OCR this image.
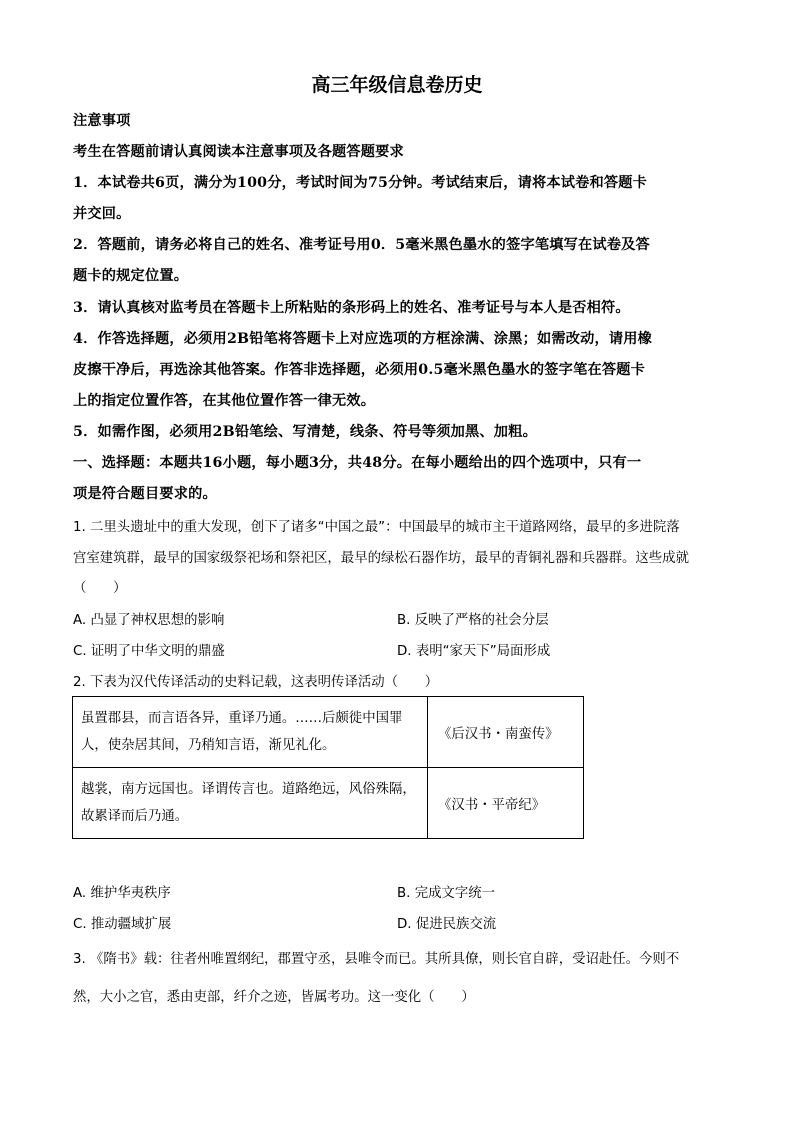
高三年级信息卷历史
注意事项
考生在答题前请认真阅读本注意事项及各题答题要求
1．本试卷共6页，满分为100分，考试时间为75分钟。考试结束后，请将本试卷和答题卡
并交回。
2．答题前，请务必将自己的姓名、准考证号用0．5毫米黑色墨水的签字笔填写在试卷及答
题卡的规定位置。
3．请认真核对监考员在答题卡上所粘贴的条形码上的姓名、准考证号与本人是否相符。
4．作答选择题，必须用2B铅笔将答题卡上对应选项的方框涂满、涂黑；如需改动，请用橡
皮擦干净后，再选涂其他答案。作答非选择题，必须用0.5毫米黑色墨水的签字笔在答题卡
上的指定位置作答，在其他位置作答一律无效。
5．如需作图，必须用2B铅笔绘、写清楚，线条、符号等须加黑、加粗。
一、选择题：本题共16小题，每小题3分，共48分。在每小题给出的四个选项中，只有一
项是符合题目要求的。
1. 二里头遗址中的重大发现，创下了诸多“中国之最”：中国最早的城市主干道路网络，最早的多进院落
宫室建筑群，最早的国家级祭祀场和祭祀区，最早的绿松石器作坊，最早的青铜礼器和兵器群。这些成就
（　　）
A. 凸显了神权思想的影响	B. 反映了严格的社会分层
C. 证明了中华文明的鼎盛	D. 表明“家天下”局面形成
2. 下表为汉代传译活动的史料记载，这表明传译活动（　　）
虽置郡县，而言语各异，重译乃通。……后颇徙中国罪人，使杂居其间，乃稍知言语，渐见礼化。	《后汉书・南蛮传》
越裳，南方远国也。译谓传言也。道路绝远，风俗殊隔，故累译而后乃通。	《汉书・平帝纪》
A. 维护华夷秩序	B. 完成文字统一
C. 推动疆域扩展	D. 促进民族交流
3. 《隋书》载：往者州唯置纲纪，郡置守丞，县唯令而已。其所具僚，则长官自辟，受诏赴任。今则不
然，大小之官，悉由吏部，纤介之迹，皆属考功。这一变化（　　）
